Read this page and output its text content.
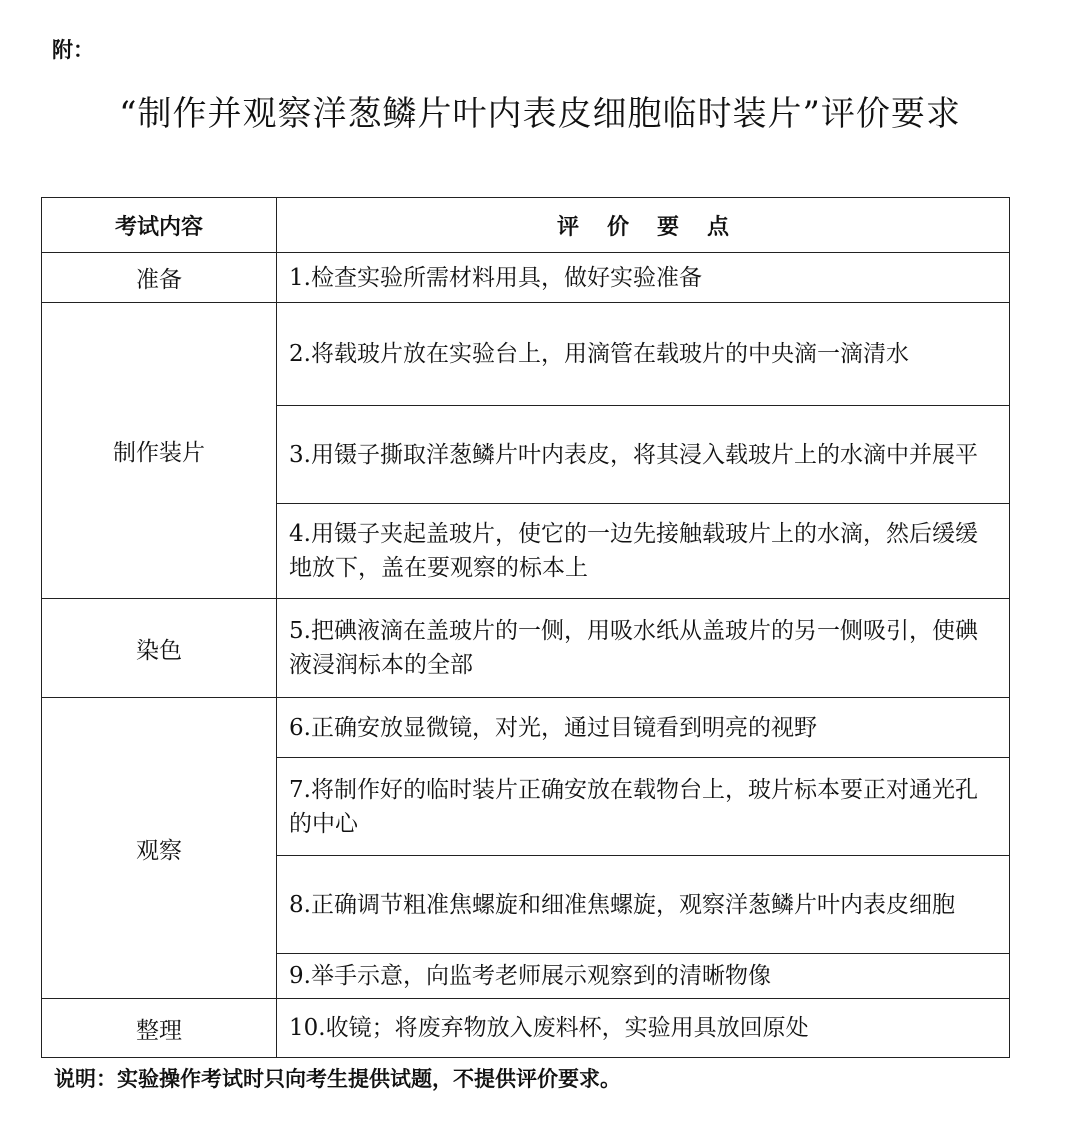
附：
“制作并观察洋葱鳞片叶内表皮细胞临时装片”评价要求
考试内容	评价要点
准备	1.检查实验所需材料用具，做好实验准备
制作装片	2.将载玻片放在实验台上，用滴管在载玻片的中央滴一滴清水
	3.用镊子撕取洋葱鳞片叶内表皮，将其浸入载玻片上的水滴中并展平
	4.用镊子夹起盖玻片，使它的一边先接触载玻片上的水滴，然后缓缓地放下，盖在要观察的标本上
染色	5.把碘液滴在盖玻片的一侧，用吸水纸从盖玻片的另一侧吸引，使碘液浸润标本的全部
观察	6.正确安放显微镜，对光，通过目镜看到明亮的视野
	7.将制作好的临时装片正确安放在载物台上，玻片标本要正对通光孔的中心
	8.正确调节粗准焦螺旋和细准焦螺旋，观察洋葱鳞片叶内表皮细胞
	9.举手示意，向监考老师展示观察到的清晰物像
整理	10.收镜；将废弃物放入废料杯，实验用具放回原处
说明：实验操作考试时只向考生提供试题，不提供评价要求。
